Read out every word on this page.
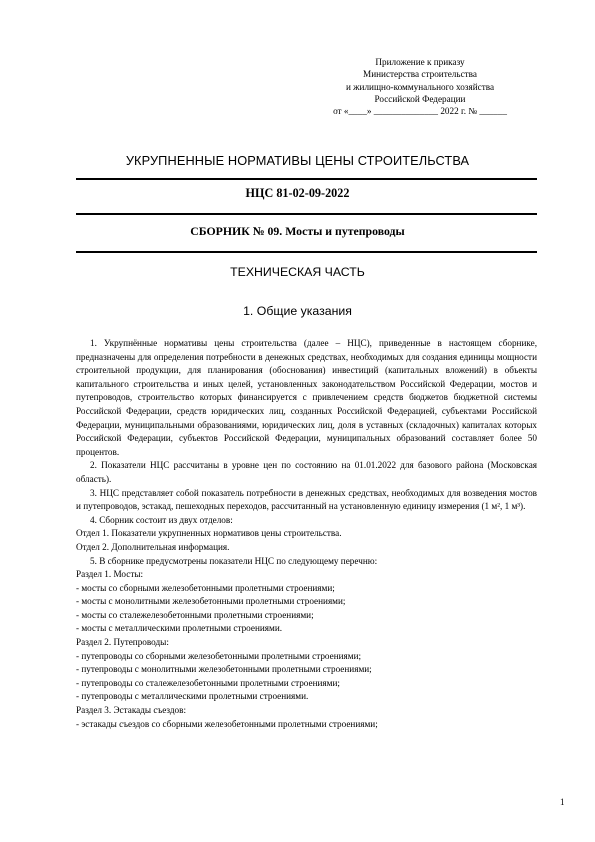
Приложение к приказу
Министерства строительства
и жилищно-коммунального хозяйства
Российской Федерации
от «____» ______________ 2022 г. № ______
УКРУПНЕННЫЕ НОРМАТИВЫ ЦЕНЫ СТРОИТЕЛЬСТВА
НЦС 81-02-09-2022
СБОРНИК № 09. Мосты и путепроводы
ТЕХНИЧЕСКАЯ ЧАСТЬ
1. Общие указания

1. Укрупнённые нормативы цены строительства (далее – НЦС), приведенные в настоящем сборнике, предназначены для определения потребности в денежных средствах, необходимых для создания единицы мощности строительной продукции, для планирования (обоснования) инвестиций (капитальных вложений) в объекты капитального строительства и иных целей, установленных законодательством Российской Федерации, мостов и путепроводов, строительство которых финансируется с привлечением средств бюджетов бюджетной системы Российской Федерации, средств юридических лиц, созданных Российской Федерацией, субъектами Российской Федерации, муниципальными образованиями, юридических лиц, доля в уставных (складочных) капиталах которых Российской Федерации, субъектов Российской Федерации, муниципальных образований составляет более 50 процентов.

2. Показатели НЦС рассчитаны в уровне цен по состоянию на 01.01.2022 для базового района (Московская область).

3. НЦС представляет собой показатель потребности в денежных средствах, необходимых для возведения мостов и путепроводов, эстакад, пешеходных переходов, рассчитанный на установленную единицу измерения (1 м², 1 м³).

4. Сборник состоит из двух отделов:

Отдел 1. Показатели укрупненных нормативов цены строительства.

Отдел 2. Дополнительная информация.

5. В сборнике предусмотрены показатели НЦС по следующему перечню:

Раздел 1. Мосты:

- мосты со сборными железобетонными пролетными строениями;

- мосты с монолитными железобетонными пролетными строениями;

- мосты со сталежелезобетонными пролетными строениями;

- мосты с металлическими пролетными строениями.

Раздел 2. Путепроводы:

- путепроводы со сборными железобетонными пролетными строениями;

- путепроводы с монолитными железобетонными пролетными строениями;

- путепроводы со сталежелезобетонными пролетными строениями;

- путепроводы с металлическими пролетными строениями.

Раздел 3. Эстакады съездов:

- эстакады съездов со сборными железобетонными пролетными строениями;

1
